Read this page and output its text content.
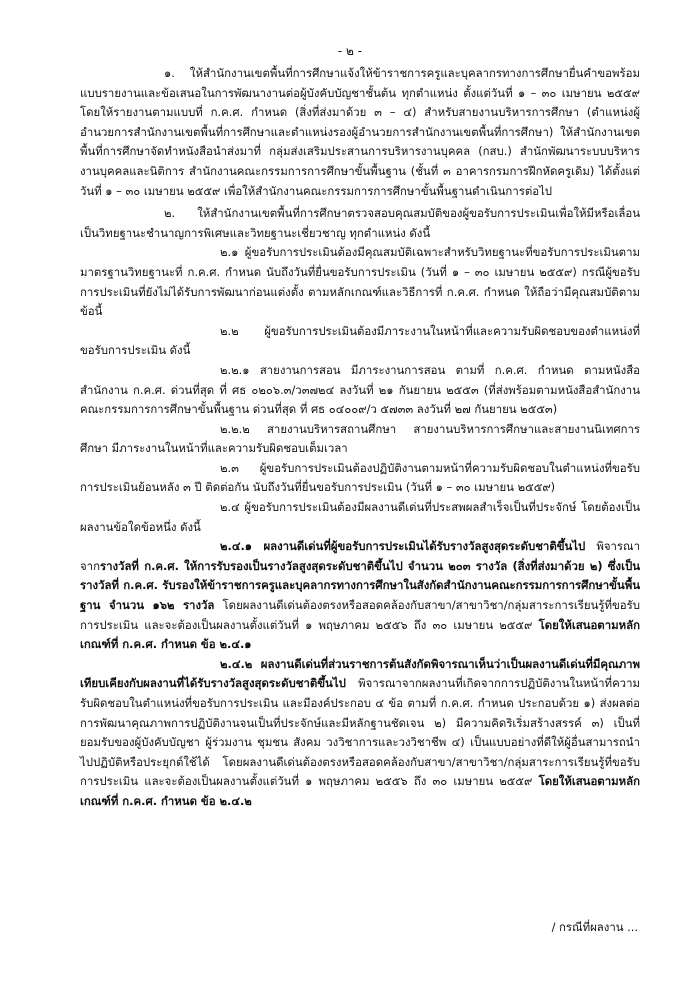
- ๒ -

๑. ให้สำนักงานเขตพื้นที่การศึกษาแจ้งให้ข้าราชการครูและบุคลากรทางการศึกษายื่นคำขอพร้อมแบบรายงานและข้อเสนอในการพัฒนางานต่อผู้บังคับบัญชาชั้นต้น ทุกตำแหน่ง ตั้งแต่วันที่ ๑ – ๓๐ เมษายน ๒๕๕๙ โดยให้รายงานตามแบบที่ ก.ค.ศ. กำหนด (สิ่งที่ส่งมาด้วย ๓ – ๔) สำหรับสายงานบริหารการศึกษา (ตำแหน่งผู้อำนวยการสำนักงานเขตพื้นที่การศึกษาและตำแหน่งรองผู้อำนวยการสำนักงานเขตพื้นที่การศึกษา) ให้สำนักงานเขตพื้นที่การศึกษาจัดทำหนังสือนำส่งมาที่ กลุ่มส่งเสริมประสานการบริหารงานบุคคล (กสบ.) สำนักพัฒนาระบบบริหารงานบุคคลและนิติการ สำนักงานคณะกรรมการการศึกษาขั้นพื้นฐาน (ชั้นที่ ๓ อาคารกรมการฝึกหัดครูเดิม) ได้ตั้งแต่วันที่ ๑ – ๓๐ เมษายน ๒๕๕๙ เพื่อให้สำนักงานคณะกรรมการการศึกษาขั้นพื้นฐานดำเนินการต่อไป

๒. ให้สำนักงานเขตพื้นที่การศึกษาตรวจสอบคุณสมบัติของผู้ขอรับการประเมินเพื่อให้มีหรือเลื่อนเป็นวิทยฐานะชำนาญการพิเศษและวิทยฐานะเชี่ยวชาญ ทุกตำแหน่ง ดังนี้

๒.๑ ผู้ขอรับการประเมินต้องมีคุณสมบัติเฉพาะสำหรับวิทยฐานะที่ขอรับการประเมินตามมาตรฐานวิทยฐานะที่ ก.ค.ศ. กำหนด นับถึงวันที่ยื่นขอรับการประเมิน (วันที่ ๑ – ๓๐ เมษายน ๒๕๕๙) กรณีผู้ขอรับการประเมินที่ยังไม่ได้รับการพัฒนาก่อนแต่งตั้ง ตามหลักเกณฑ์และวิธีการที่ ก.ค.ศ. กำหนด ให้ถือว่ามีคุณสมบัติตามข้อนี้

๒.๒ ผู้ขอรับการประเมินต้องมีภาระงานในหน้าที่และความรับผิดชอบของตำแหน่งที่ขอรับการประเมิน ดังนี้

๒.๒.๑ สายงานการสอน มีภาระงานการสอน ตามที่ ก.ค.ศ. กำหนด ตามหนังสือสำนักงาน ก.ค.ศ. ด่วนที่สุด ที่ ศธ ๐๒๐๖.๓/ว๓๗๒๔ ลงวันที่ ๒๑ กันยายน ๒๕๕๓ (ที่ส่งพร้อมตามหนังสือสำนักงานคณะกรรมการการศึกษาขั้นพื้นฐาน ด่วนที่สุด ที่ ศธ ๐๔๐๐๙/ว ๕๗๓๓ ลงวันที่ ๒๗ กันยายน ๒๕๕๓)

๒.๒.๒ สายงานบริหารสถานศึกษา สายงานบริหารการศึกษาและสายงานนิเทศการศึกษา มีภาระงานในหน้าที่และความรับผิดชอบเต็มเวลา

๒.๓ ผู้ขอรับการประเมินต้องปฏิบัติงานตามหน้าที่ความรับผิดชอบในตำแหน่งที่ขอรับการประเมินย้อนหลัง ๓ ปี ติดต่อกัน นับถึงวันที่ยื่นขอรับการประเมิน (วันที่ ๑ – ๓๐ เมษายน ๒๕๕๙)

๒.๔ ผู้ขอรับการประเมินต้องมีผลงานดีเด่นที่ประสพผลสำเร็จเป็นที่ประจักษ์ โดยต้องเป็นผลงานข้อใดข้อหนึ่ง ดังนี้

๒.๔.๑ ผลงานดีเด่นที่ผู้ขอรับการประเมินได้รับรางวัลสูงสุดระดับชาติขึ้นไป พิจารณาจากรางวัลที่ ก.ค.ศ. ให้การรับรองเป็นรางวัลสูงสุดระดับชาติขึ้นไป จำนวน ๒๐๓ รางวัล (สิ่งที่ส่งมาด้วย ๒) ซึ่งเป็นรางวัลที่ ก.ค.ศ. รับรองให้ข้าราชการครูและบุคลากรทางการศึกษาในสังกัดสำนักงานคณะกรรมการการศึกษาขั้นพื้นฐาน จำนวน ๑๖๒ รางวัล โดยผลงานดีเด่นต้องตรงหรือสอดคล้องกับสาขา/สาขาวิชา/กลุ่มสาระการเรียนรู้ที่ขอรับการประเมิน และจะต้องเป็นผลงานตั้งแต่วันที่ ๑ พฤษภาคม ๒๕๕๖ ถึง ๓๐ เมษายน ๒๕๕๙ โดยให้เสนอตามหลักเกณฑ์ที่ ก.ค.ศ. กำหนด ข้อ ๒.๔.๑

๒.๔.๒ ผลงานดีเด่นที่ส่วนราชการต้นสังกัดพิจารณาเห็นว่าเป็นผลงานดีเด่นที่มีคุณภาพเทียบเคียงกับผลงานที่ได้รับรางวัลสูงสุดระดับชาติขึ้นไป พิจารณาจากผลงานที่เกิดจากการปฏิบัติงานในหน้าที่ความรับผิดชอบในตำแหน่งที่ขอรับการประเมิน และมีองค์ประกอบ ๔ ข้อ ตามที่ ก.ค.ศ. กำหนด ประกอบด้วย ๑) ส่งผลต่อการพัฒนาคุณภาพการปฏิบัติงานจนเป็นที่ประจักษ์และมีหลักฐานชัดเจน ๒) มีความคิดริเริ่มสร้างสรรค์ ๓) เป็นที่ยอมรับของผู้บังคับบัญชา ผู้ร่วมงาน ชุมชน สังคม วงวิชาการและวงวิชาชีพ ๔) เป็นแบบอย่างที่ดีให้ผู้อื่นสามารถนำไปปฏิบัติหรือประยุกต์ใช้ได้ โดยผลงานดีเด่นต้องตรงหรือสอดคล้องกับสาขา/สาขาวิชา/กลุ่มสาระการเรียนรู้ที่ขอรับการประเมิน และจะต้องเป็นผลงานตั้งแต่วันที่ ๑ พฤษภาคม ๒๕๕๖ ถึง ๓๐ เมษายน ๒๕๕๙ โดยให้เสนอตามหลักเกณฑ์ที่ ก.ค.ศ. กำหนด ข้อ ๒.๔.๒

/ กรณีที่ผลงาน ...
